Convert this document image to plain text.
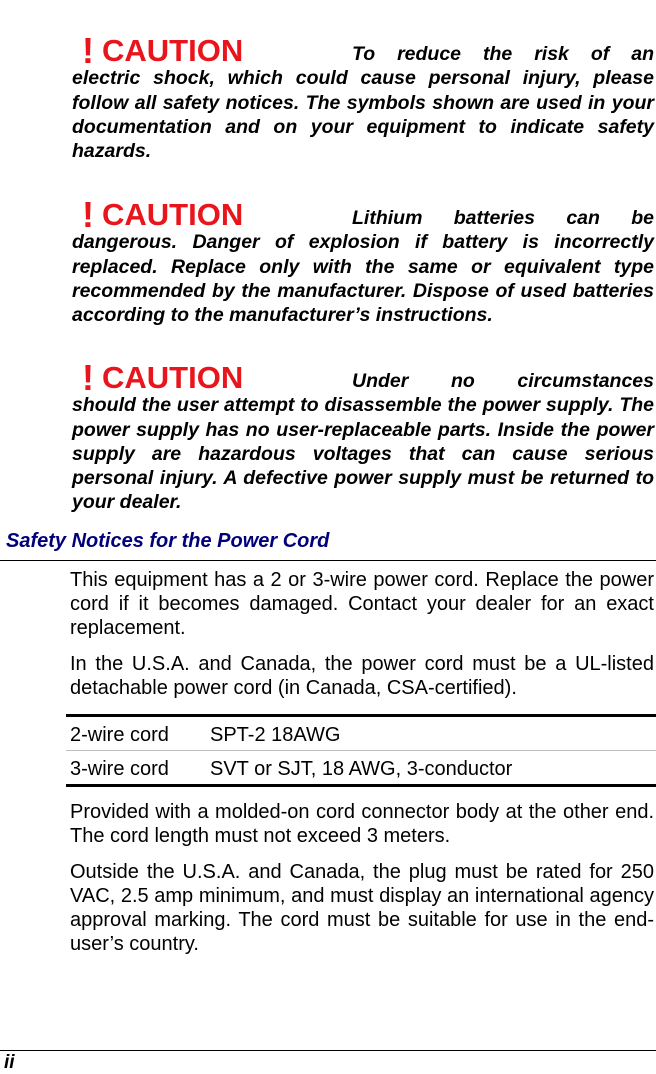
! CAUTION	To reduce the risk of an
electric shock, which could cause personal injury, please follow all safety notices. The symbols shown are used in your documentation and on your equipment to indicate safety hazards.

! CAUTION	Lithium batteries can be
dangerous. Danger of explosion if battery is incorrectly replaced. Replace only with the same or equivalent type recommended by the manufacturer. Dispose of used batteries according to the manufacturer’s instructions.

! CAUTION	Under no circumstances
should the user attempt to disassemble the power supply. The power supply has no user-replaceable parts. Inside the power supply are hazardous voltages that can cause serious personal injury. A defective power supply must be returned to your dealer.

Safety Notices for the Power Cord

This equipment has a 2 or 3-wire power cord. Replace the power cord if it becomes damaged. Contact your dealer for an exact replacement.

In the U.S.A. and Canada, the power cord must be a UL-listed detachable power cord (in Canada, CSA-certified).

2-wire cord	SPT-2 18AWG
3-wire cord	SVT or SJT, 18 AWG, 3-conductor

Provided with a molded-on cord connector body at the other end. The cord length must not exceed 3 meters.

Outside the U.S.A. and Canada, the plug must be rated for 250 VAC, 2.5 amp minimum, and must display an international agency approval marking. The cord must be suitable for use in the end-user’s country.

ii
